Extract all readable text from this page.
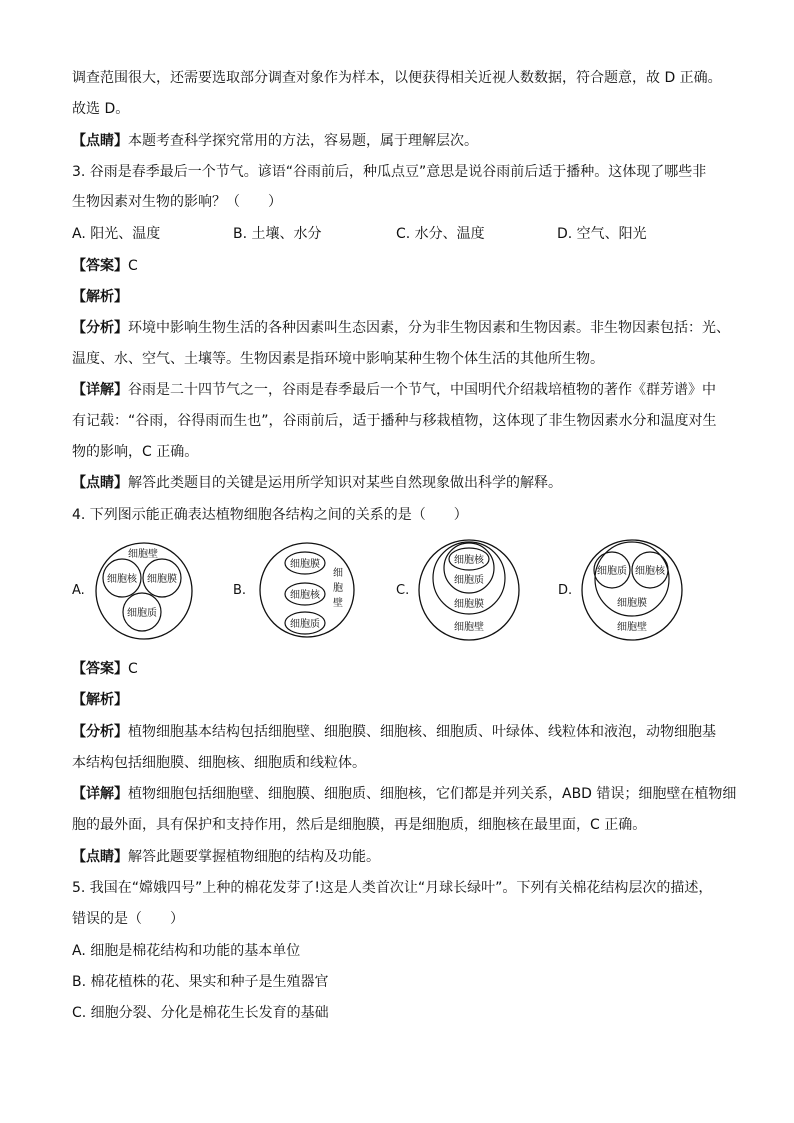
调查范围很大，还需要选取部分调查对象作为样本，以便获得相关近视人数数据，符合题意，故 D 正确。
故选 D。
【点睛】本题考查科学探究常用的方法，容易题，属于理解层次。
3. 谷雨是春季最后一个节气。谚语“谷雨前后，种瓜点豆”意思是说谷雨前后适于播种。这体现了哪些非
生物因素对生物的影响？（　　）
A. 阳光、温度	B. 土壤、水分	C. 水分、温度	D. 空气、阳光
【答案】C
【解析】
【分析】环境中影响生物生活的各种因素叫生态因素，分为非生物因素和生物因素。非生物因素包括：光、
温度、水、空气、土壤等。生物因素是指环境中影响某种生物个体生活的其他所生物。
【详解】谷雨是二十四节气之一，谷雨是春季最后一个节气，中国明代介绍栽培植物的著作《群芳谱》中
有记载：“谷雨，谷得雨而生也”，谷雨前后，适于播种与移栽植物，这体现了非生物因素水分和温度对生
物的影响，C 正确。
【点睛】解答此类题目的关键是运用所学知识对某些自然现象做出科学的解释。
4. 下列图示能正确表达植物细胞各结构之间的关系的是（　　）
A.	B.	C.	D.
细胞壁
细胞核 细胞膜
细胞质
细胞膜
细胞核
细胞质
细
胞
壁
细胞核
细胞质
细胞膜
细胞壁
细胞质 细胞核
细胞膜
细胞壁
【答案】C
【解析】
【分析】植物细胞基本结构包括细胞壁、细胞膜、细胞核、细胞质、叶绿体、线粒体和液泡，动物细胞基
本结构包括细胞膜、细胞核、细胞质和线粒体。
【详解】植物细胞包括细胞壁、细胞膜、细胞质、细胞核，它们都是并列关系，ABD 错误；细胞壁在植物细
胞的最外面，具有保护和支持作用，然后是细胞膜，再是细胞质，细胞核在最里面，C 正确。
【点睛】解答此题要掌握植物细胞的结构及功能。
5. 我国在“嫦娥四号”上种的棉花发芽了!这是人类首次让“月球长绿叶”。下列有关棉花结构层次的描述，
错误的是（　　）
A. 细胞是棉花结构和功能的基本单位
B. 棉花植株的花、果实和种子是生殖器官
C. 细胞分裂、分化是棉花生长发育的基础
